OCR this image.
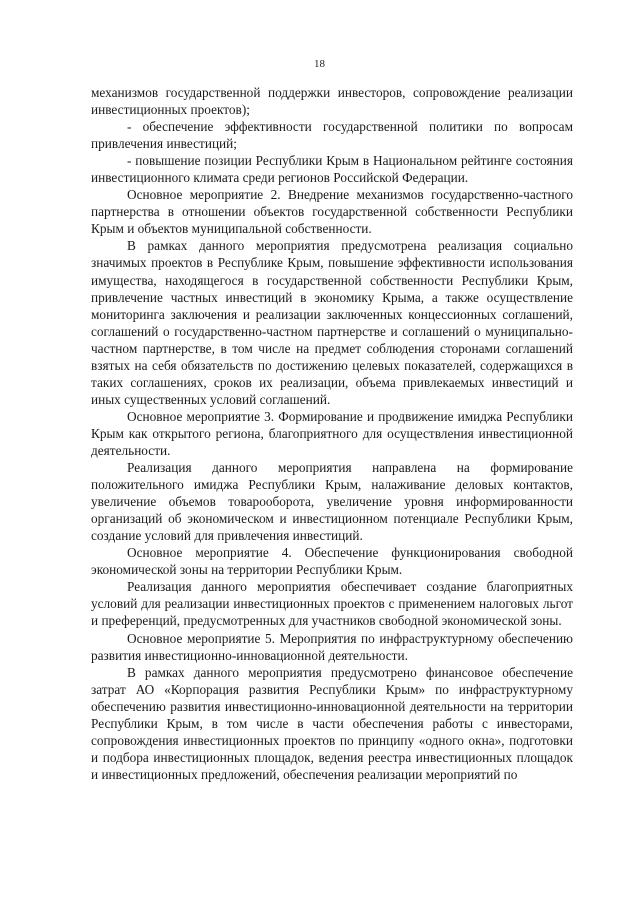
18

механизмов государственной поддержки инвесторов, сопровождение реализации инвестиционных проектов);

- обеспечение эффективности государственной политики по вопросам привлечения инвестиций;

- повышение позиции Республики Крым в Национальном рейтинге состояния инвестиционного климата среди регионов Российской Федерации.

Основное мероприятие 2. Внедрение механизмов государственно-частного партнерства в отношении объектов государственной собственности Республики Крым и объектов муниципальной собственности.

В рамках данного мероприятия предусмотрена реализация социально значимых проектов в Республике Крым, повышение эффективности использования имущества, находящегося в государственной собственности Республики Крым, привлечение частных инвестиций в экономику Крыма, а также осуществление мониторинга заключения и реализации заключенных концессионных соглашений, соглашений о государственно-частном партнерстве и соглашений о муниципально-частном партнерстве, в том числе на предмет соблюдения сторонами соглашений взятых на себя обязательств по достижению целевых показателей, содержащихся в таких соглашениях, сроков их реализации, объема привлекаемых инвестиций и иных существенных условий соглашений.

Основное мероприятие 3. Формирование и продвижение имиджа Республики Крым как открытого региона, благоприятного для осуществления инвестиционной деятельности.

Реализация данного мероприятия направлена на формирование положительного имиджа Республики Крым, налаживание деловых контактов, увеличение объемов товарооборота, увеличение уровня информированности организаций об экономическом и инвестиционном потенциале Республики Крым, создание условий для привлечения инвестиций.

Основное мероприятие 4. Обеспечение функционирования свободной экономической зоны на территории Республики Крым.

Реализация данного мероприятия обеспечивает создание благоприятных условий для реализации инвестиционных проектов с применением налоговых льгот и преференций, предусмотренных для участников свободной экономической зоны.

Основное мероприятие 5. Мероприятия по инфраструктурному обеспечению развития инвестиционно-инновационной деятельности.

В рамках данного мероприятия предусмотрено финансовое обеспечение затрат АО «Корпорация развития Республики Крым» по инфраструктурному обеспечению развития инвестиционно-инновационной деятельности на территории Республики Крым, в том числе в части обеспечения работы с инвесторами, сопровождения инвестиционных проектов по принципу «одного окна», подготовки и подбора инвестиционных площадок, ведения реестра инвестиционных площадок и инвестиционных предложений, обеспечения реализации мероприятий по
